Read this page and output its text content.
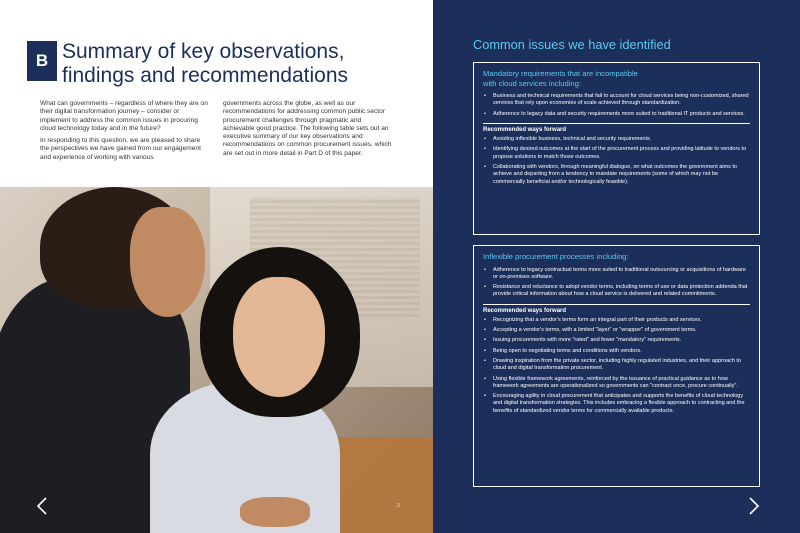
B Summary of key observations,
findings and recommendations

What can governments – regardless of where they are on their digital transformation journey – consider or implement to address the common issues in procuring cloud technology today and in the future?

In responding to this question, we are pleased to share the perspectives we have gained from our engagement and experience of working with various

governments across the globe, as well as our recommendations for addressing common public sector procurement challenges through pragmatic and achievable good practice. The following table sets out an executive summary of our key observations and recommendations on common procurement issues, which are set out in more detail in Part D of this paper.

3
Common issues we have identified
Mandatory requirements that are incompatible
with cloud services including:
• Business and technical requirements that fail to account for cloud services being non-customized, shared services that rely upon economies of scale achieved through standardization.
• Adherence to legacy data and security requirements more suited to traditional IT products and services.
Recommended ways forward
• Avoiding inflexible business, technical and security requirements.
• Identifying desired outcomes at the start of the procurement process and providing latitude to vendors to propose solutions to match those outcomes.
• Collaborating with vendors, through meaningful dialogue, on what outcomes the government aims to achieve and departing from a tendency to mandate requirements (some of which may not be commercially beneficial and/or technologically feasible).
Inflexible procurement processes including:
• Adherence to legacy contractual terms more suited to traditional outsourcing or acquisitions of hardware or on-premises software.
• Resistance and reluctance to adopt vendor terms, including terms of use or data protection addenda that provide critical information about how a cloud service is delivered and related commitments.
Recommended ways forward
• Recognizing that a vendor's terms form an integral part of their products and services.
• Accepting a vendor's terms, with a limited "layer" or "wrapper" of government terms.
• Issuing procurements with more "rated" and fewer "mandatory" requirements.
• Being open to negotiating terms and conditions with vendors.
• Drawing inspiration from the private sector, including highly regulated industries, and their approach to cloud and digital transformation procurement.
• Using flexible framework agreements, reinforced by the issuance of practical guidance as to how framework agreements are operationalized so governments can "contract once, procure continually".
• Encouraging agility in cloud procurement that anticipates and supports the benefits of cloud technology and digital transformation strategies. This includes embracing a flexible approach to contracting and the benefits of standardized vendor terms for commercially available products.
